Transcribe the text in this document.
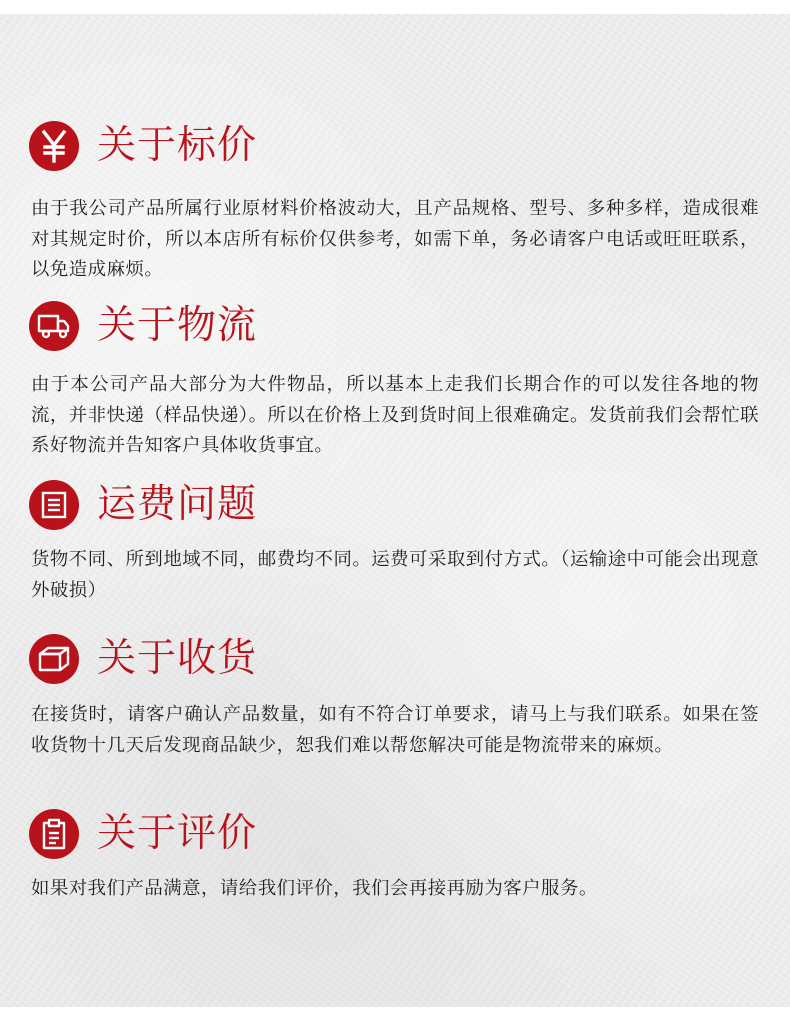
关于标价
由于我公司产品所属行业原材料价格波动大，且产品规格、型号、多种多样，造成很难对其规定时价，所以本店所有标价仅供参考，如需下单，务必请客户电话或旺旺联系，以免造成麻烦。
关于物流
由于本公司产品大部分为大件物品，所以基本上走我们长期合作的可以发往各地的物流，并非快递（样品快递）。所以在价格上及到货时间上很难确定。发货前我们会帮忙联系好物流并告知客户具体收货事宜。
运费问题
货物不同、所到地域不同，邮费均不同。运费可采取到付方式。（运输途中可能会出现意外破损）
关于收货
在接货时，请客户确认产品数量，如有不符合订单要求，请马上与我们联系。如果在签收货物十几天后发现商品缺少，恕我们难以帮您解决可能是物流带来的麻烦。
关于评价
如果对我们产品满意，请给我们评价，我们会再接再励为客户服务。
